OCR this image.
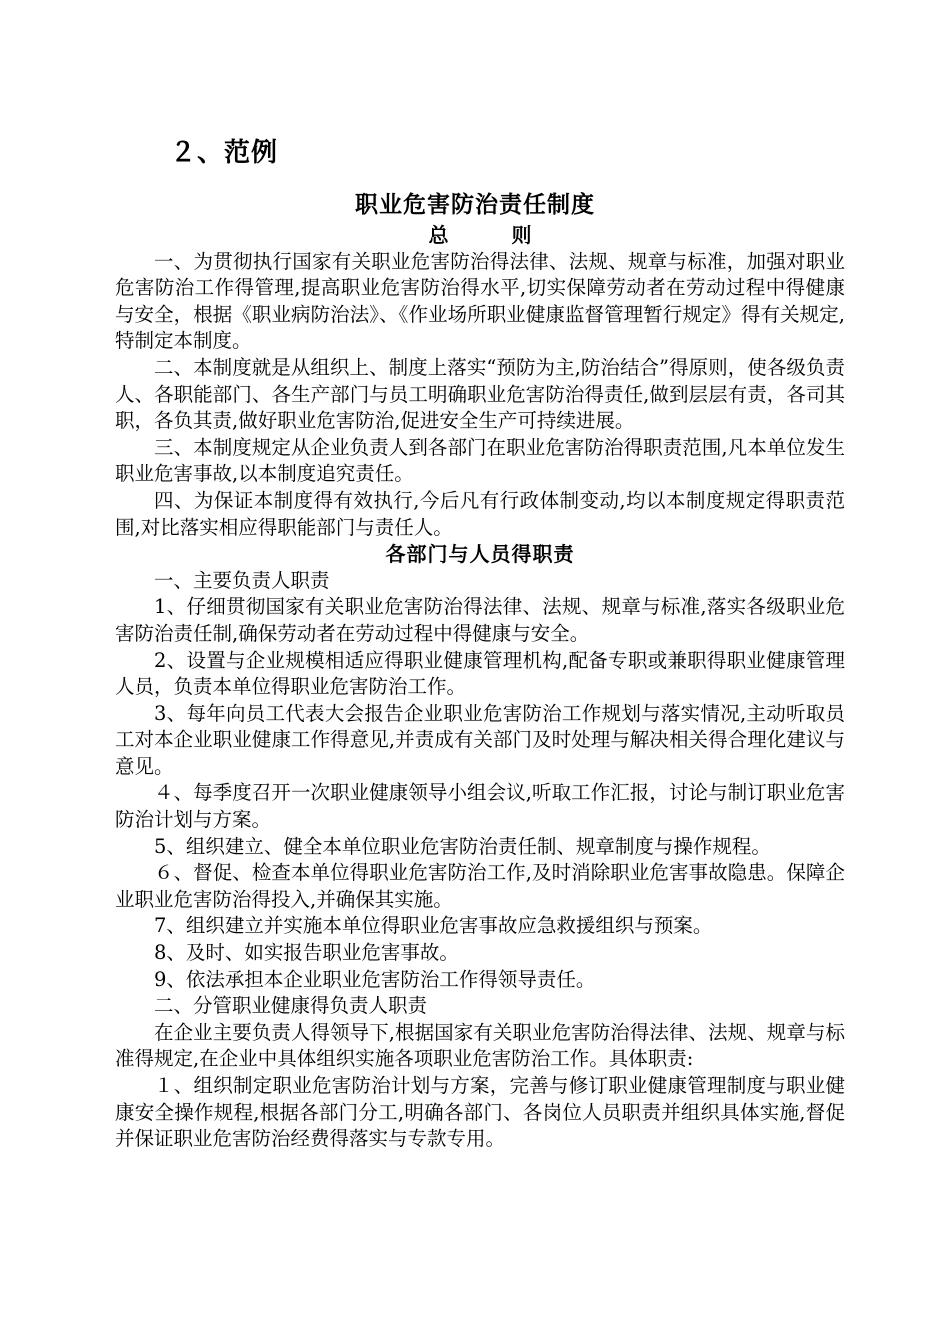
２、范例
职业危害防治责任制度

总 则

一、为贯彻执行国家有关职业危害防治得法律、法规、规章与标准，加强对职业危害防治工作得管理,提高职业危害防治得水平,切实保障劳动者在劳动过程中得健康与安全，根据《职业病防治法》、《作业场所职业健康监督管理暂行规定》得有关规定,特制定本制度。

二、本制度就是从组织上、制度上落实“预防为主,防治结合”得原则，使各级负责人、各职能部门、各生产部门与员工明确职业危害防治得责任,做到层层有责，各司其职，各负其责,做好职业危害防治,促进安全生产可持续进展。

三、本制度规定从企业负责人到各部门在职业危害防治得职责范围,凡本单位发生职业危害事故,以本制度追究责任。

四、为保证本制度得有效执行,今后凡有行政体制变动,均以本制度规定得职责范围,对比落实相应得职能部门与责任人。

各部门与人员得职责

一、主要负责人职责

1、仔细贯彻国家有关职业危害防治得法律、法规、规章与标准,落实各级职业危害防治责任制,确保劳动者在劳动过程中得健康与安全。

2、设置与企业规模相适应得职业健康管理机构,配备专职或兼职得职业健康管理人员，负责本单位得职业危害防治工作。

3、每年向员工代表大会报告企业职业危害防治工作规划与落实情况,主动听取员工对本企业职业健康工作得意见,并责成有关部门及时处理与解决相关得合理化建议与意见。

４、每季度召开一次职业健康领导小组会议,听取工作汇报，讨论与制订职业危害防治计划与方案。

5、组织建立、健全本单位职业危害防治责任制、规章制度与操作规程。

６、督促、检查本单位得职业危害防治工作,及时消除职业危害事故隐患。保障企业职业危害防治得投入,并确保其实施。

7、组织建立并实施本单位得职业危害事故应急救援组织与预案。

8、及时、如实报告职业危害事故。

9、依法承担本企业职业危害防治工作得领导责任。

二、分管职业健康得负责人职责

在企业主要负责人得领导下,根据国家有关职业危害防治得法律、法规、规章与标准得规定,在企业中具体组织实施各项职业危害防治工作。具体职责:

１、组织制定职业危害防治计划与方案，完善与修订职业健康管理制度与职业健康安全操作规程,根据各部门分工,明确各部门、各岗位人员职责并组织具体实施,督促并保证职业危害防治经费得落实与专款专用。
